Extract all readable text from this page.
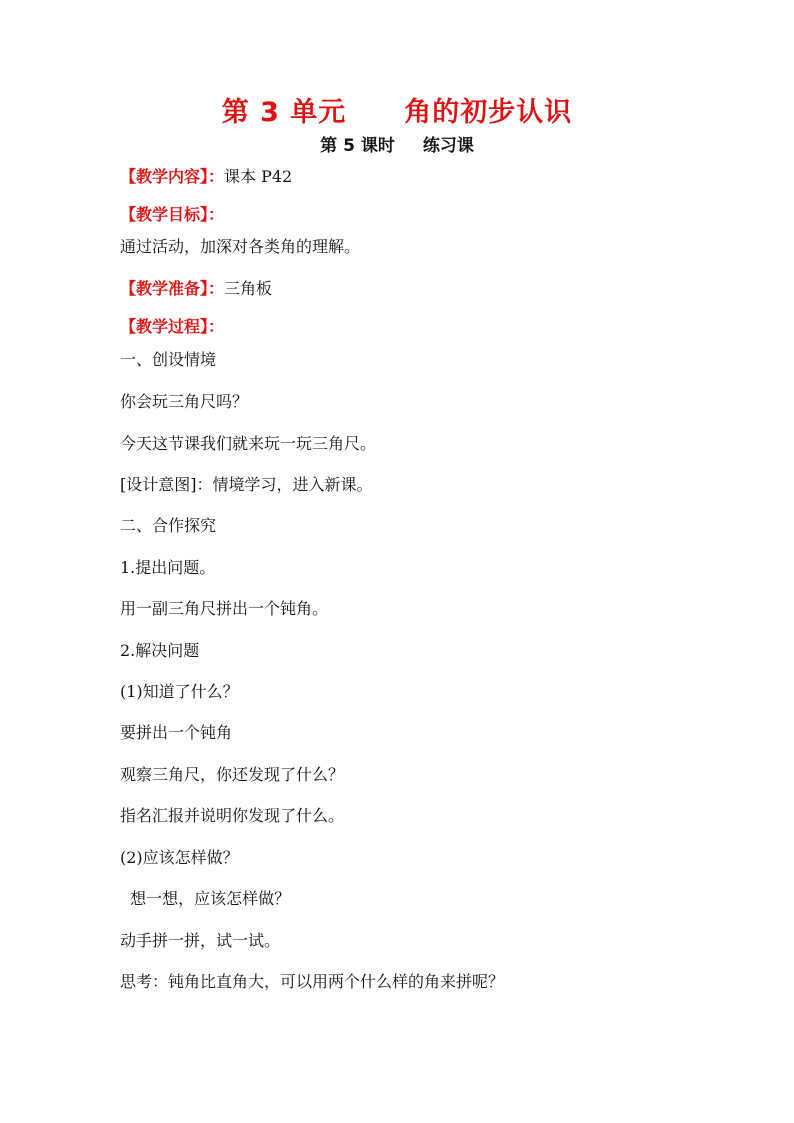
第 3 单元 角的初步认识
第 5 课时 练习课
【教学内容】：课本 P42
【教学目标】：
通过活动，加深对各类角的理解。
【教学准备】：三角板
【教学过程】：
一、创设情境
你会玩三角尺吗？
今天这节课我们就来玩一玩三角尺。
[设计意图]：情境学习，进入新课。
二、合作探究
1.提出问题。
用一副三角尺拼出一个钝角。
2.解决问题
(1)知道了什么？
要拼出一个钝角
观察三角尺，你还发现了什么？
指名汇报并说明你发现了什么。
(2)应该怎样做？
想一想，应该怎样做？
动手拼一拼，试一试。
思考：钝角比直角大，可以用两个什么样的角来拼呢？
